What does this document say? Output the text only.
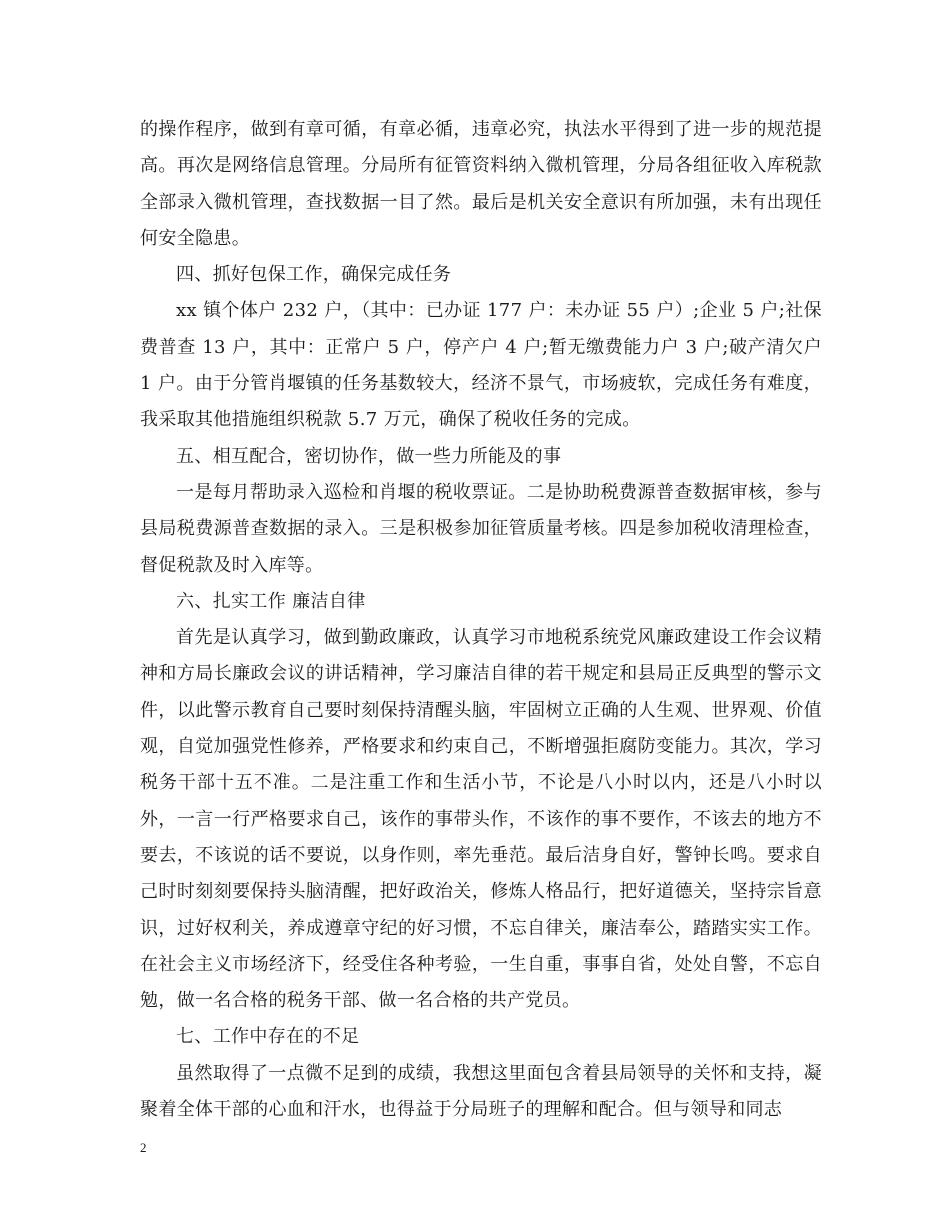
的操作程序，做到有章可循，有章必循，违章必究，执法水平得到了进一步的规范提高。再次是网络信息管理。分局所有征管资料纳入微机管理，分局各组征收入库税款全部录入微机管理，查找数据一目了然。最后是机关安全意识有所加强，未有出现任何安全隐患。

四、抓好包保工作，确保完成任务

xx 镇个体户 232 户，（其中：已办证 177 户：未办证 55 户）;企业 5 户;社保费普查 13 户，其中：正常户 5 户，停产户 4 户;暂无缴费能力户 3 户;破产清欠户 1 户。由于分管肖堰镇的任务基数较大，经济不景气，市场疲软，完成任务有难度，我采取其他措施组织税款 5.7 万元，确保了税收任务的完成。

五、相互配合，密切协作，做一些力所能及的事

一是每月帮助录入巡检和肖堰的税收票证。二是协助税费源普查数据审核，参与县局税费源普查数据的录入。三是积极参加征管质量考核。四是参加税收清理检查，督促税款及时入库等。

六、扎实工作 廉洁自律

首先是认真学习，做到勤政廉政，认真学习市地税系统党风廉政建设工作会议精神和方局长廉政会议的讲话精神，学习廉洁自律的若干规定和县局正反典型的警示文件，以此警示教育自己要时刻保持清醒头脑，牢固树立正确的人生观、世界观、价值观，自觉加强党性修养，严格要求和约束自己，不断增强拒腐防变能力。其次，学习税务干部十五不准。二是注重工作和生活小节，不论是八小时以内，还是八小时以外，一言一行严格要求自己，该作的事带头作，不该作的事不要作，不该去的地方不要去，不该说的话不要说，以身作则，率先垂范。最后洁身自好，警钟长鸣。要求自己时时刻刻要保持头脑清醒，把好政治关，修炼人格品行，把好道德关，坚持宗旨意识，过好权利关，养成遵章守纪的好习惯，不忘自律关，廉洁奉公，踏踏实实工作。在社会主义市场经济下，经受住各种考验，一生自重，事事自省，处处自警，不忘自勉，做一名合格的税务干部、做一名合格的共产党员。

七、工作中存在的不足

虽然取得了一点微不足到的成绩，我想这里面包含着县局领导的关怀和支持，凝聚着全体干部的心血和汗水，也得益于分局班子的理解和配合。但与领导和同志

2
